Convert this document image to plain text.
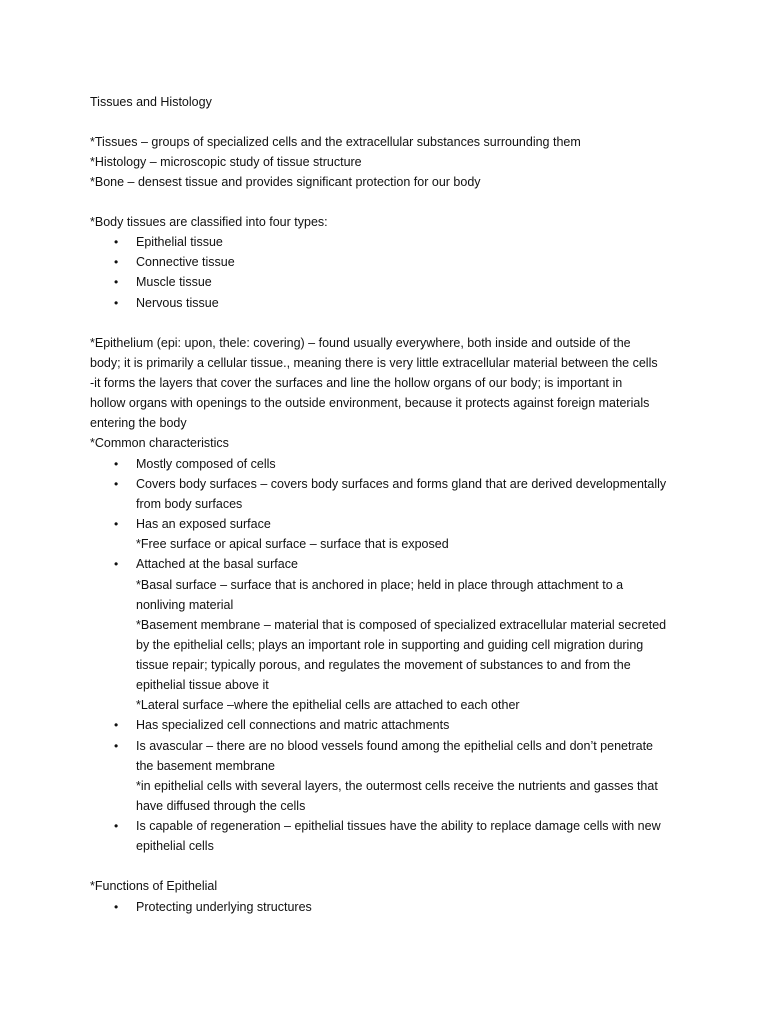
Tissues and Histology
*Tissues – groups of specialized cells and the extracellular substances surrounding them
*Histology – microscopic study of tissue structure
*Bone – densest tissue and provides significant protection for our body
*Body tissues are classified into four types:
• Epithelial tissue
• Connective tissue
• Muscle tissue
• Nervous tissue
*Epithelium (epi: upon, thele: covering) – found usually everywhere, both inside and outside of the
body; it is primarily a cellular tissue., meaning there is very little extracellular material between the cells
-it forms the layers that cover the surfaces and line the hollow organs of our body; is important in
hollow organs with openings to the outside environment, because it protects against foreign materials
entering the body
*Common characteristics
• Mostly composed of cells
• Covers body surfaces – covers body surfaces and forms gland that are derived developmentally
from body surfaces
• Has an exposed surface
*Free surface or apical surface – surface that is exposed
• Attached at the basal surface
*Basal surface – surface that is anchored in place; held in place through attachment to a
nonliving material
*Basement membrane – material that is composed of specialized extracellular material secreted
by the epithelial cells; plays an important role in supporting and guiding cell migration during
tissue repair; typically porous, and regulates the movement of substances to and from the
epithelial tissue above it
*Lateral surface –where the epithelial cells are attached to each other
• Has specialized cell connections and matric attachments
• Is avascular – there are no blood vessels found among the epithelial cells and don’t penetrate
the basement membrane
*in epithelial cells with several layers, the outermost cells receive the nutrients and gasses that
have diffused through the cells
• Is capable of regeneration – epithelial tissues have the ability to replace damage cells with new
epithelial cells
*Functions of Epithelial
• Protecting underlying structures
